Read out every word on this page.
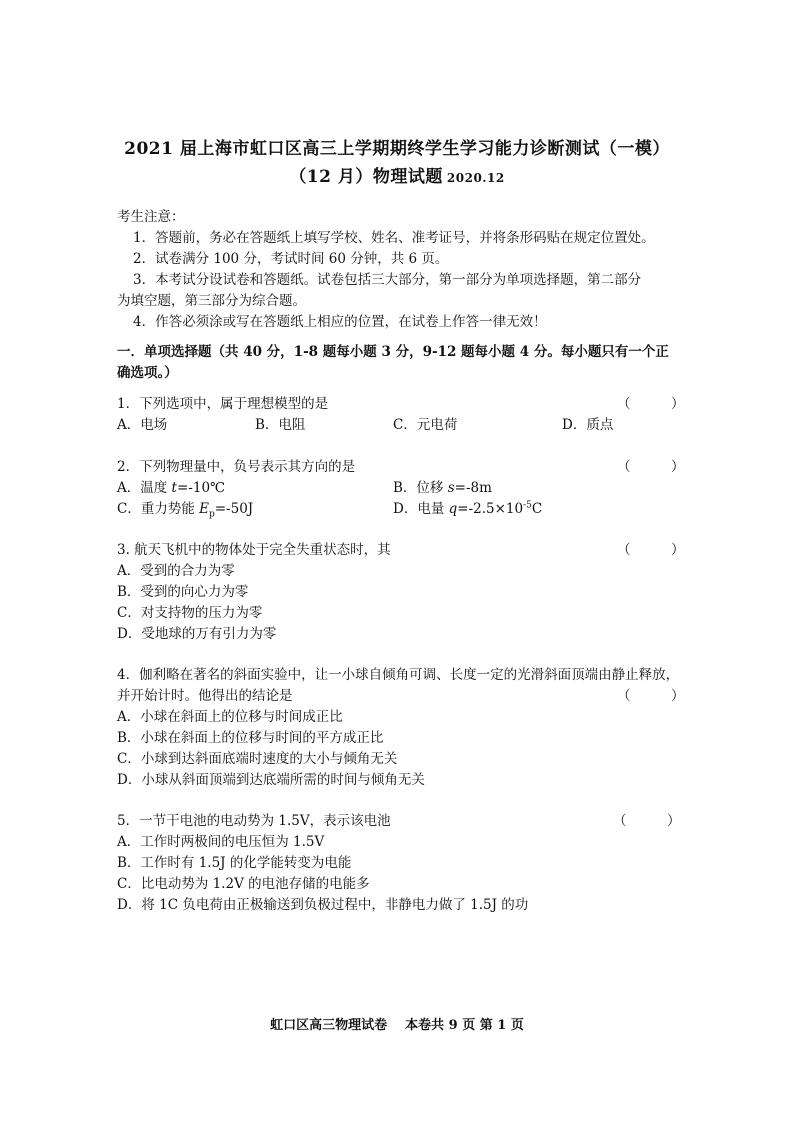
2021 届上海市虹口区高三上学期期终学生学习能力诊断测试（一模）
（12 月）物理试题 2020.12
考生注意：
1．答题前，务必在答题纸上填写学校、姓名、准考证号，并将条形码贴在规定位置处。
2．试卷满分 100 分，考试时间 60 分钟，共 6 页。
3．本考试分设试卷和答题纸。试卷包括三大部分，第一部分为单项选择题，第二部分
为填空题，第三部分为综合题。
4．作答必须涂或写在答题纸上相应的位置，在试卷上作答一律无效！
一．单项选择题（共 40 分，1-8 题每小题 3 分，9-12 题每小题 4 分。每小题只有一个正
确选项。）
1．下列选项中，属于理想模型的是	（　　　）
A．电场	B．电阻	C．元电荷	D．质点
2．下列物理量中，负号表示其方向的是	（　　　）
A．温度 t=-10℃	B．位移 s=-8m
C．重力势能 $E_p=-50J$	D．电量 $q=-2.5\times 10^{-5}C$
3. 航天飞机中的物体处于完全失重状态时，其	（　　　）
A．受到的合力为零
B．受到的向心力为零
C．对支持物的压力为零
D．受地球的万有引力为零
4．伽利略在著名的斜面实验中，让一小球自倾角可调、长度一定的光滑斜面顶端由静止释放，
并开始计时。他得出的结论是	（　　　）
A．小球在斜面上的位移与时间成正比
B．小球在斜面上的位移与时间的平方成正比
C．小球到达斜面底端时速度的大小与倾角无关
D．小球从斜面顶端到达底端所需的时间与倾角无关
5．一节干电池的电动势为 1.5V，表示该电池	（　　　）
A．工作时两极间的电压恒为 1.5V
B．工作时有 1.5J 的化学能转变为电能
C．比电动势为 1.2V 的电池存储的电能多
D．将 1C 负电荷由正极输送到负极过程中，非静电力做了 1.5J 的功
虹口区高三物理试卷 本卷共 9 页 第 1 页
